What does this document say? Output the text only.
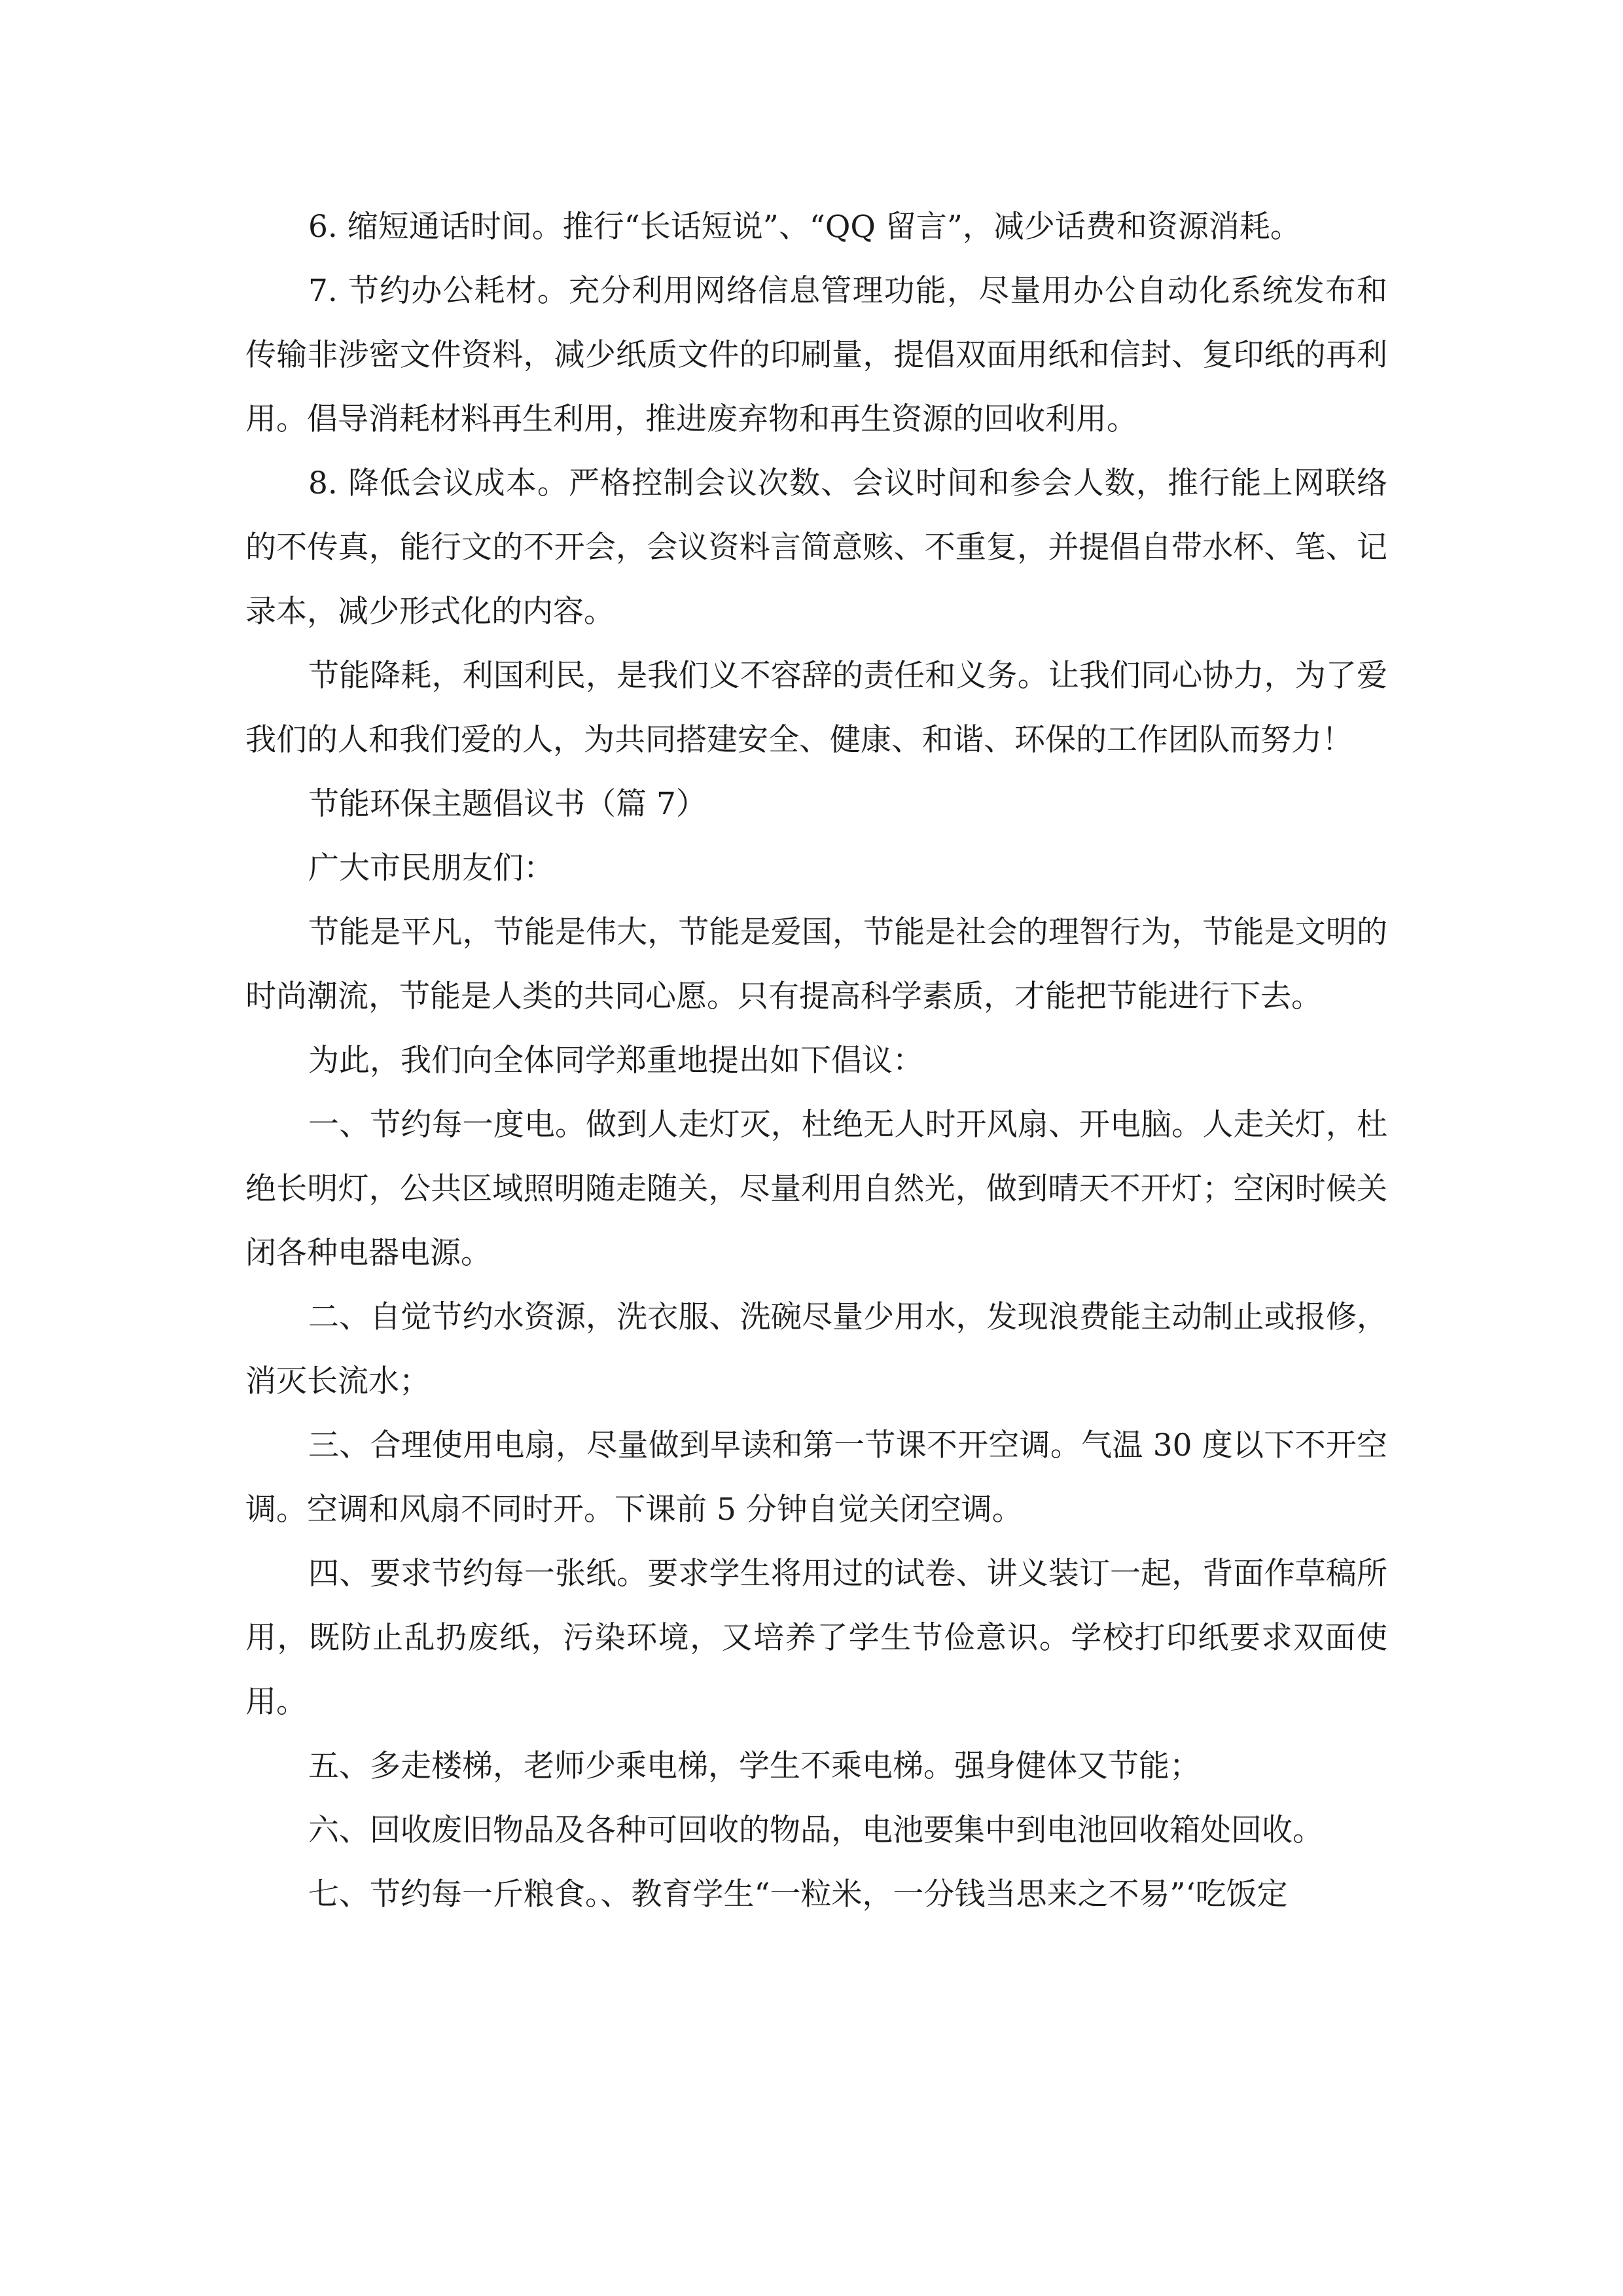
6. 缩短通话时间。推行“长话短说”、“QQ 留言”，减少话费和资源消耗。

7. 节约办公耗材。充分利用网络信息管理功能，尽量用办公自动化系统发布和传输非涉密文件资料，减少纸质文件的印刷量，提倡双面用纸和信封、复印纸的再利用。倡导消耗材料再生利用，推进废弃物和再生资源的回收利用。

8. 降低会议成本。严格控制会议次数、会议时间和参会人数，推行能上网联络的不传真，能行文的不开会，会议资料言简意赅、不重复，并提倡自带水杯、笔、记录本，减少形式化的内容。

节能降耗，利国利民，是我们义不容辞的责任和义务。让我们同心协力，为了爱我们的人和我们爱的人，为共同搭建安全、健康、和谐、环保的工作团队而努力！

节能环保主题倡议书（篇 7）

广大市民朋友们：

节能是平凡，节能是伟大，节能是爱国，节能是社会的理智行为，节能是文明的时尚潮流，节能是人类的共同心愿。只有提高科学素质，才能把节能进行下去。

为此，我们向全体同学郑重地提出如下倡议：

一、节约每一度电。做到人走灯灭，杜绝无人时开风扇、开电脑。人走关灯，杜绝长明灯，公共区域照明随走随关，尽量利用自然光，做到晴天不开灯；空闲时候关闭各种电器电源。

二、自觉节约水资源，洗衣服、洗碗尽量少用水，发现浪费能主动制止或报修，消灭长流水；

三、合理使用电扇，尽量做到早读和第一节课不开空调。气温 30 度以下不开空调。空调和风扇不同时开。下课前 5 分钟自觉关闭空调。

四、要求节约每一张纸。要求学生将用过的试卷、讲义装订一起，背面作草稿所用，既防止乱扔废纸，污染环境，又培养了学生节俭意识。学校打印纸要求双面使用。

五、多走楼梯，老师少乘电梯，学生不乘电梯。强身健体又节能；

六、回收废旧物品及各种可回收的物品，电池要集中到电池回收箱处回收。

七、节约每一斤粮食。、教育学生“一粒米，一分钱当思来之不易”‘吃饭定
